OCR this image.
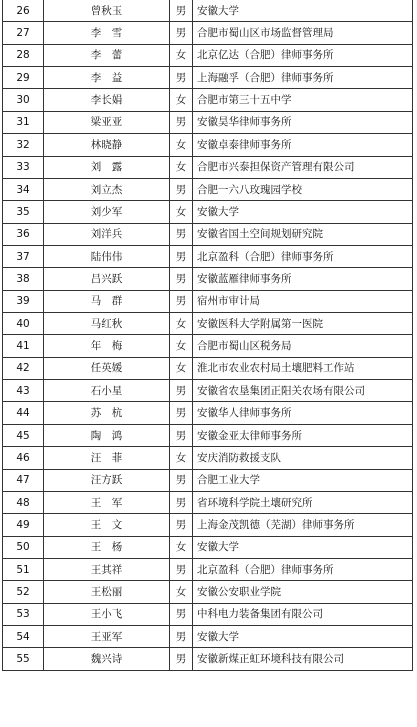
26	曾秋玉	男	安徽大学
27	李　雪	男	合肥市蜀山区市场监督管理局
28	李　蕾	女	北京亿达（合肥）律师事务所
29	李　益	男	上海融孚（合肥）律师事务所
30	李长娟	女	合肥市第三十五中学
31	梁亚亚	男	安徽昊华律师事务所
32	林晓静	女	安徽卓泰律师事务所
33	刘　露	女	合肥市兴泰担保资产管理有限公司
34	刘立杰	男	合肥一六八玫瑰园学校
35	刘少军	女	安徽大学
36	刘洋兵	男	安徽省国土空间规划研究院
37	陆伟伟	男	北京盈科（合肥）律师事务所
38	吕兴跃	男	安徽蓝雁律师事务所
39	马　群	男	宿州市审计局
40	马红秋	女	安徽医科大学附属第一医院
41	年　梅	女	合肥市蜀山区税务局
42	任英媛	女	淮北市农业农村局土壤肥料工作站
43	石小星	男	安徽省农垦集团正阳关农场有限公司
44	苏　杭	男	安徽华人律师事务所
45	陶　鸿	男	安徽金亚太律师事务所
46	汪　菲	女	安庆消防救援支队
47	汪方跃	男	合肥工业大学
48	王　军	男	省环境科学院土壤研究所
49	王　文	男	上海金茂凯德（芜湖）律师事务所
50	王　杨	女	安徽大学
51	王其祥	男	北京盈科（合肥）律师事务所
52	王松丽	女	安徽公安职业学院
53	王小飞	男	中科电力装备集团有限公司
54	王亚军	男	安徽大学
55	魏兴诗	男	安徽新煤正虹环境科技有限公司
